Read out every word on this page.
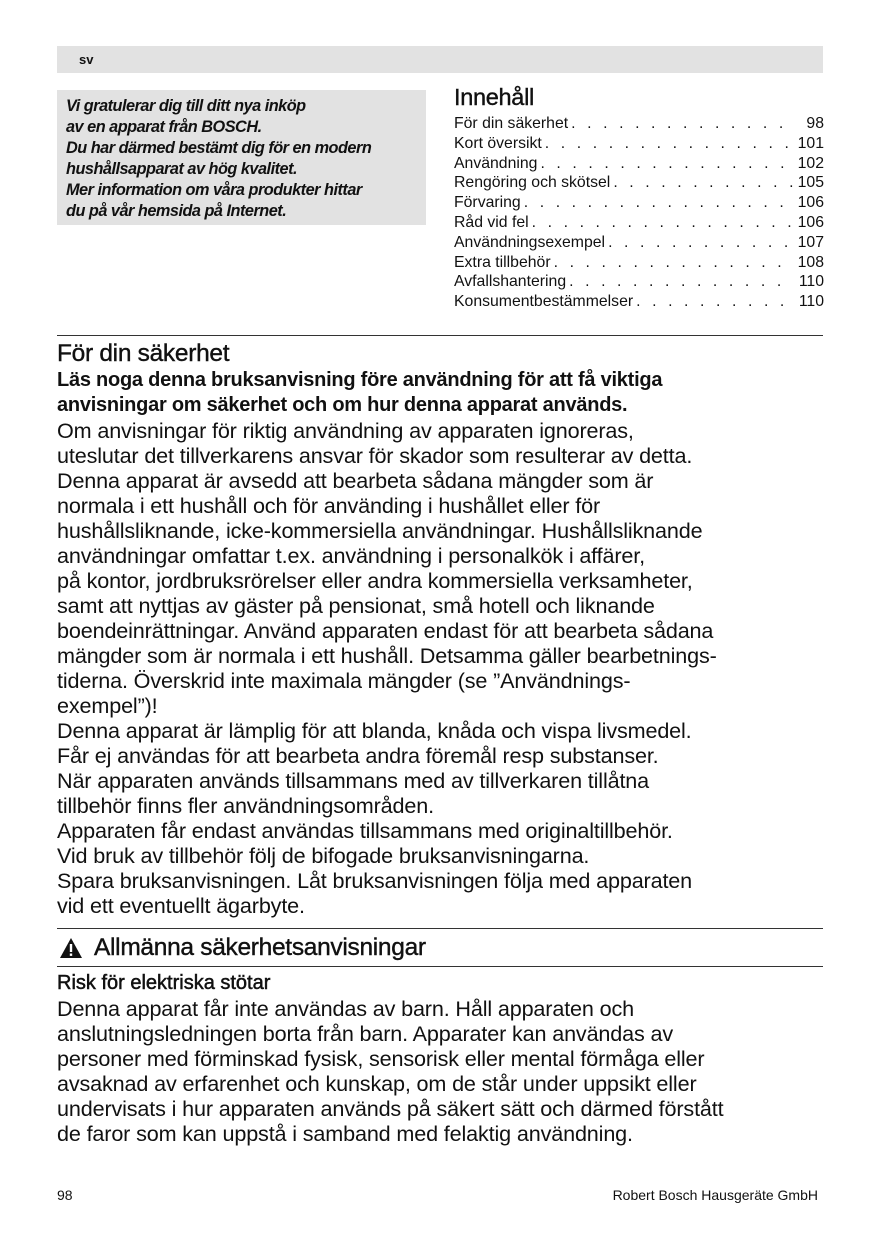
sv

Vi gratulerar dig till ditt nya inköp

av en apparat från BOSCH.

Du har därmed bestämt dig för en modern

hushållsapparat av hög kvalitet.

Mer information om våra produkter hittar

du på vår hemsida på Internet.

Innehåll
För din säkerhet . . .	98
Kort översikt . . .	101
Användning . . .	102
Rengöring och skötsel . . .	105
Förvaring . . .	106
Råd vid fel . . .	106
Användningsexempel . . .	107
Extra tillbehör . . .	108
Avfallshantering . . .	110
Konsumentbestämmelser . . .	110
För din säkerhet

Läs noga denna bruksanvisning före användning för att få viktiga

anvisningar om säkerhet och om hur denna apparat används.

Om anvisningar för riktig användning av apparaten ignoreras,

uteslutar det tillverkarens ansvar för skador som resulterar av detta.

Denna apparat är avsedd att bearbeta sådana mängder som är

normala i ett hushåll och för använding i hushållet eller för

hushållsliknande, icke-kommersiella användningar. Hushållsliknande

användningar omfattar t.ex. användning i personalkök i affärer,

på kontor, jordbruksrörelser eller andra kommersiella verksamheter,

samt att nyttjas av gäster på pensionat, små hotell och liknande

boendeinrättningar. Använd apparaten endast för att bearbeta sådana

mängder som är normala i ett hushåll. Detsamma gäller bearbetnings-

tiderna. Överskrid inte maximala mängder (se ”Användnings-

exempel”)!

Denna apparat är lämplig för att blanda, knåda och vispa livsmedel.

Får ej användas för att bearbeta andra föremål resp substanser.

När apparaten används tillsammans med av tillverkaren tillåtna

tillbehör finns fler användningsområden.

Apparaten får endast användas tillsammans med originaltillbehör.

Vid bruk av tillbehör följ de bifogade bruksanvisningarna.

Spara bruksanvisningen. Låt bruksanvisningen följa med apparaten

vid ett eventuellt ägarbyte.

Allmänna säkerhetsanvisningar

Risk för elektriska stötar

Denna apparat får inte användas av barn. Håll apparaten och

anslutningsledningen borta från barn. Apparater kan användas av

personer med förminskad fysisk, sensorisk eller mental förmåga eller

avsaknad av erfarenhet och kunskap, om de står under uppsikt eller

undervisats i hur apparaten används på säkert sätt och därmed förstått

de faror som kan uppstå i samband med felaktig användning.

98	Robert Bosch Hausgeräte GmbH
